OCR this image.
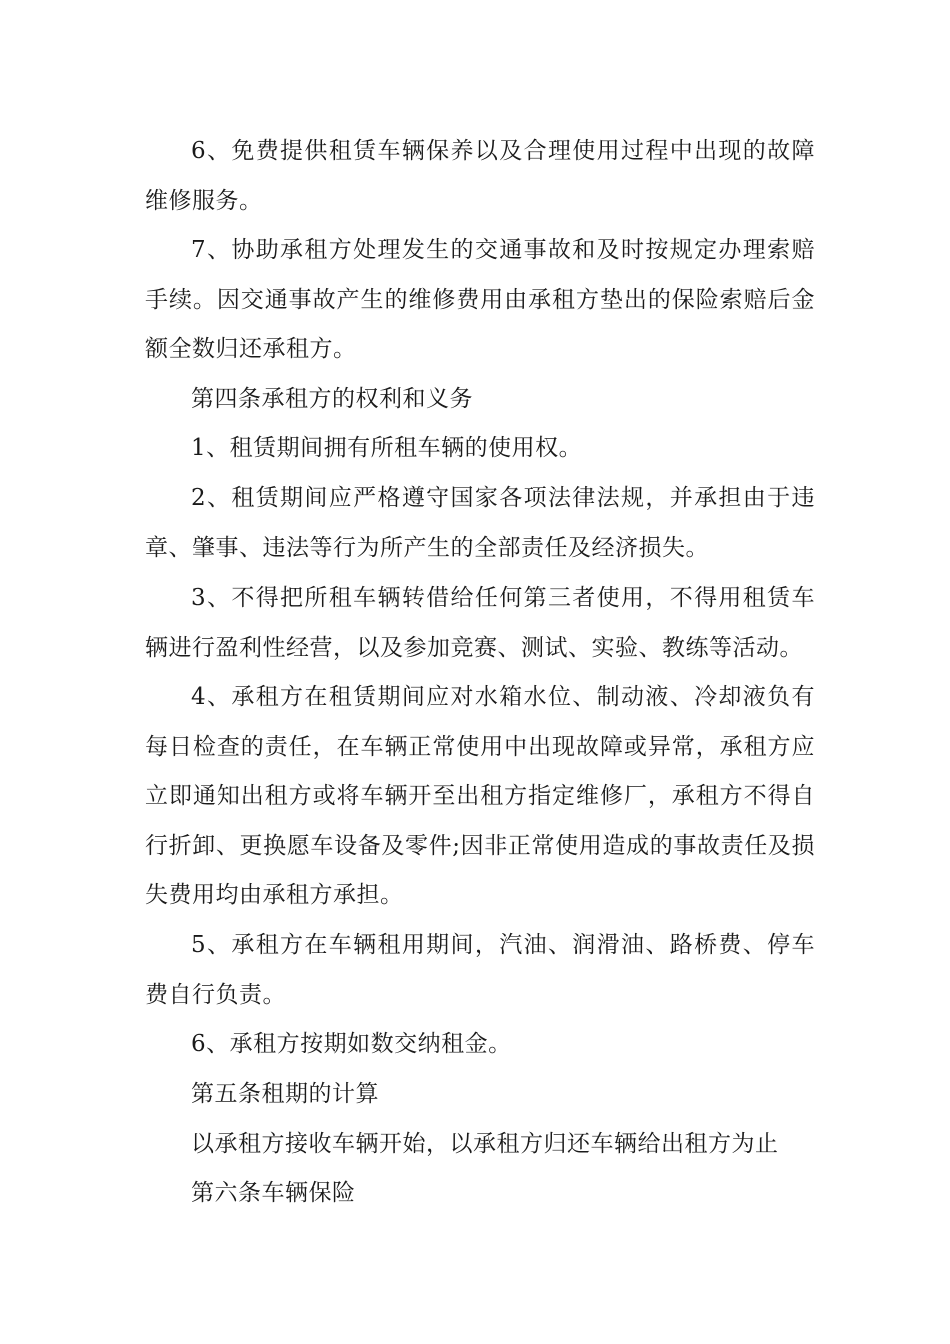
6、免费提供租赁车辆保养以及合理使用过程中出现的故障维修服务。

7、协助承租方处理发生的交通事故和及时按规定办理索赔手续。因交通事故产生的维修费用由承租方垫出的保险索赔后金额全数归还承租方。

第四条承租方的权利和义务

1、租赁期间拥有所租车辆的使用权。

2、租赁期间应严格遵守国家各项法律法规，并承担由于违章、肇事、违法等行为所产生的全部责任及经济损失。

3、不得把所租车辆转借给任何第三者使用，不得用租赁车辆进行盈利性经营，以及参加竞赛、测试、实验、教练等活动。

4、承租方在租赁期间应对水箱水位、制动液、冷却液负有每日检查的责任，在车辆正常使用中出现故障或异常，承租方应立即通知出租方或将车辆开至出租方指定维修厂，承租方不得自行折卸、更换愿车设备及零件;因非正常使用造成的事故责任及损失费用均由承租方承担。

5、承租方在车辆租用期间，汽油、润滑油、路桥费、停车费自行负责。

6、承租方按期如数交纳租金。

第五条租期的计算

以承租方接收车辆开始，以承租方归还车辆给出租方为止

第六条车辆保险
